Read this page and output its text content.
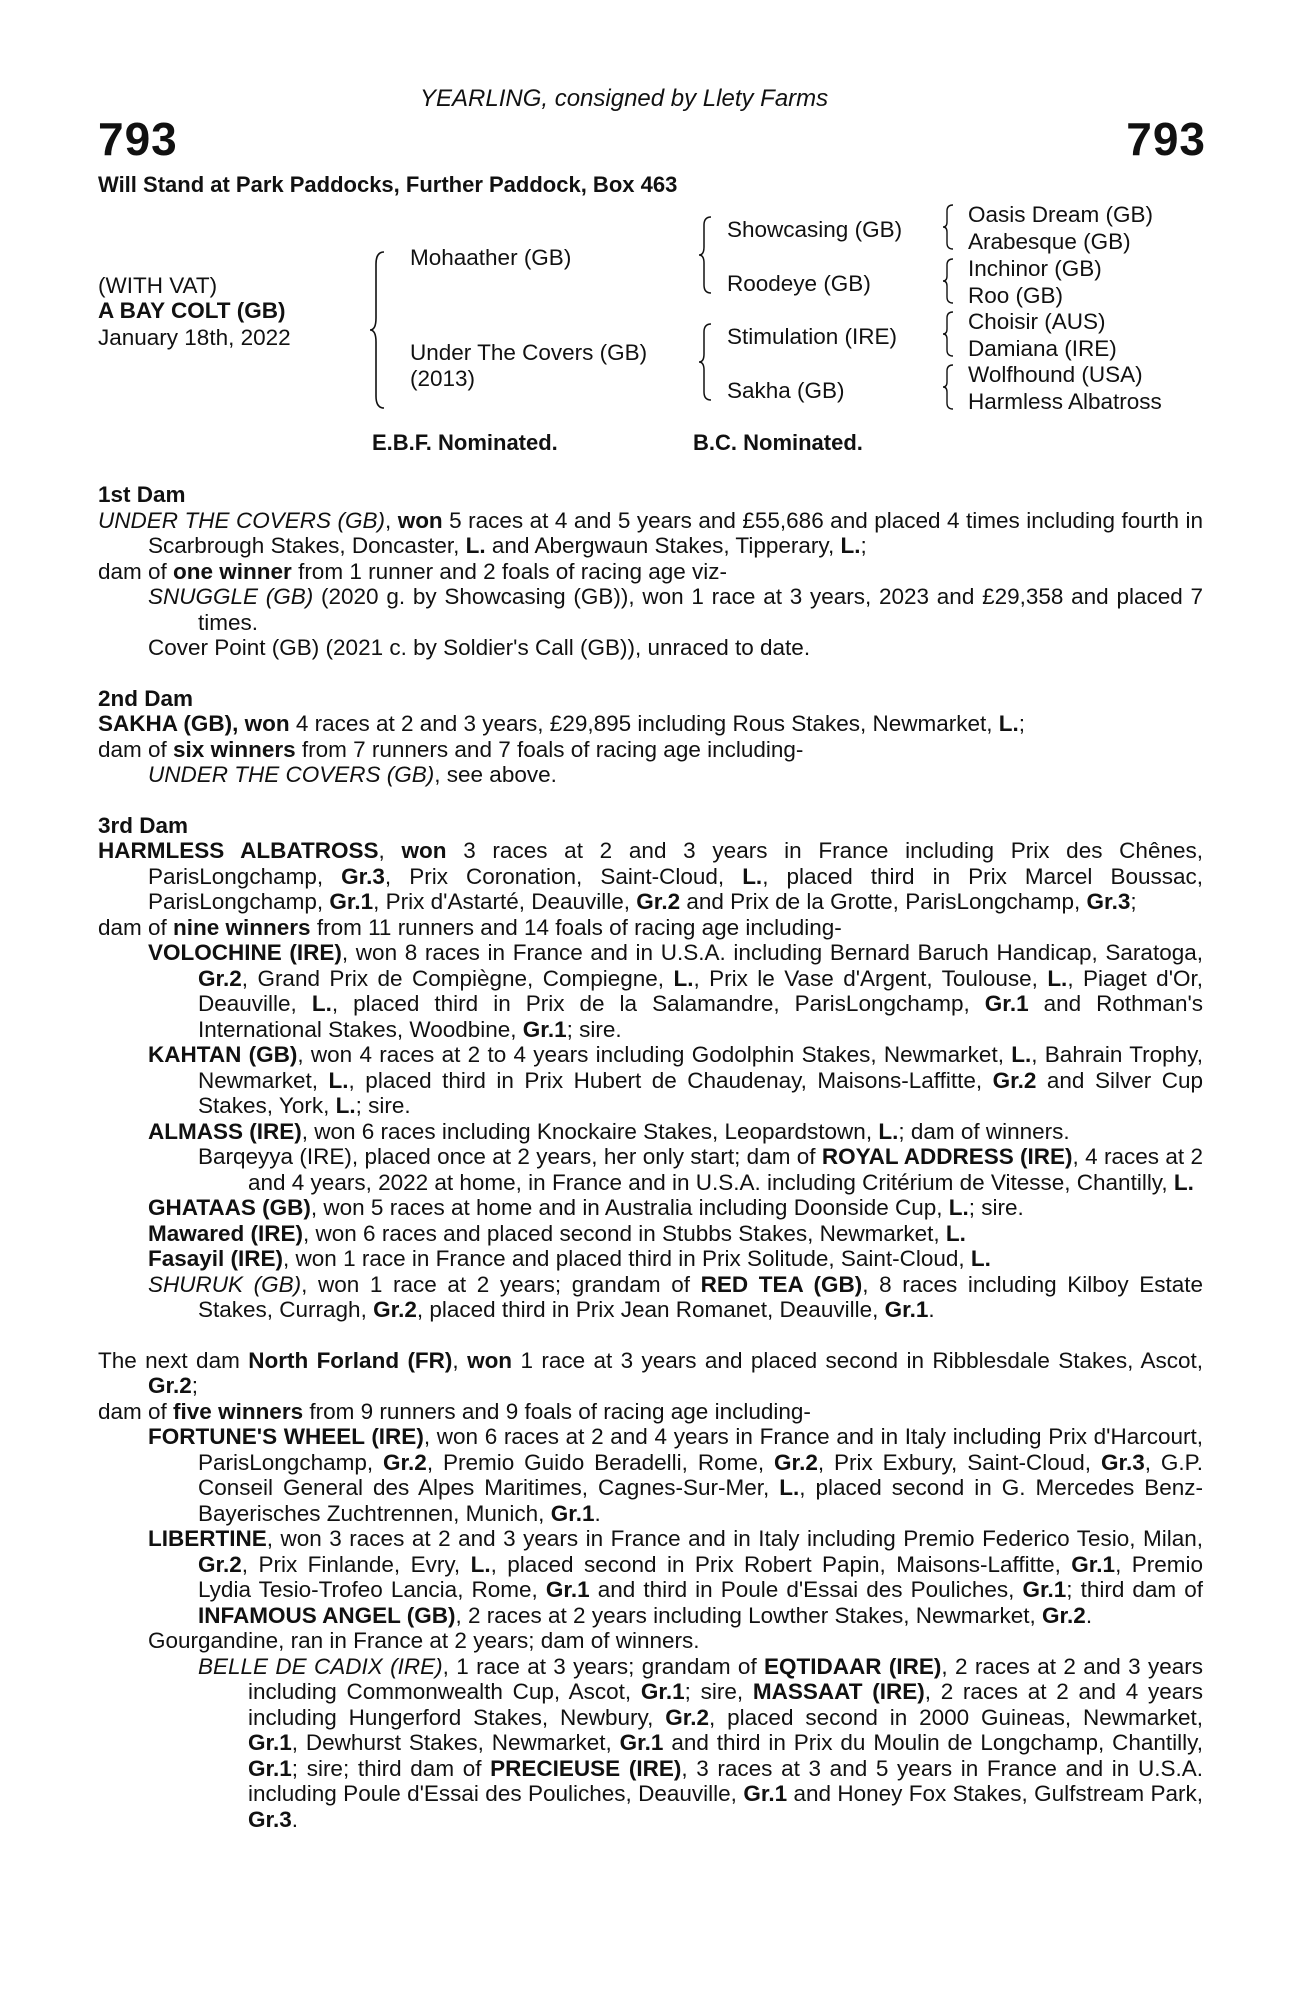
YEARLING, consigned by Llety Farms
793	793
Will Stand at Park Paddocks, Further Paddock, Box 463
(WITH VAT)
A BAY COLT (GB)
January 18th, 2022
Mohaather (GB)
Under The Covers (GB)
(2013)
Showcasing (GB)
Roodeye (GB)
Stimulation (IRE)
Sakha (GB)
Oasis Dream (GB)
Arabesque (GB)
Inchinor (GB)
Roo (GB)
Choisir (AUS)
Damiana (IRE)
Wolfhound (USA)
Harmless Albatross
E.B.F. Nominated.	B.C. Nominated.
1st Dam

UNDER THE COVERS (GB), won 5 races at 4 and 5 years and £55,686 and placed 4 times including fourth in Scarbrough Stakes, Doncaster, L. and Abergwaun Stakes, Tipperary, L.;

dam of one winner from 1 runner and 2 foals of racing age viz-

SNUGGLE (GB) (2020 g. by Showcasing (GB)), won 1 race at 3 years, 2023 and £29,358 and placed 7 times.

Cover Point (GB) (2021 c. by Soldier's Call (GB)), unraced to date.

2nd Dam

SAKHA (GB), won 4 races at 2 and 3 years, £29,895 including Rous Stakes, Newmarket, L.;

dam of six winners from 7 runners and 7 foals of racing age including-

UNDER THE COVERS (GB), see above.

3rd Dam

HARMLESS ALBATROSS, won 3 races at 2 and 3 years in France including Prix des Chênes, ParisLongchamp, Gr.3, Prix Coronation, Saint-Cloud, L., placed third in Prix Marcel Boussac, ParisLongchamp, Gr.1, Prix d'Astarté, Deauville, Gr.2 and Prix de la Grotte, ParisLongchamp, Gr.3;

dam of nine winners from 11 runners and 14 foals of racing age including-

VOLOCHINE (IRE), won 8 races in France and in U.S.A. including Bernard Baruch Handicap, Saratoga, Gr.2, Grand Prix de Compiègne, Compiegne, L., Prix le Vase d'Argent, Toulouse, L., Piaget d'Or, Deauville, L., placed third in Prix de la Salamandre, ParisLongchamp, Gr.1 and Rothman's International Stakes, Woodbine, Gr.1; sire.

KAHTAN (GB), won 4 races at 2 to 4 years including Godolphin Stakes, Newmarket, L., Bahrain Trophy, Newmarket, L., placed third in Prix Hubert de Chaudenay, Maisons-Laffitte, Gr.2 and Silver Cup Stakes, York, L.; sire.

ALMASS (IRE), won 6 races including Knockaire Stakes, Leopardstown, L.; dam of winners.

Barqeyya (IRE), placed once at 2 years, her only start; dam of ROYAL ADDRESS (IRE), 4 races at 2 and 4 years, 2022 at home, in France and in U.S.A. including Critérium de Vitesse, Chantilly, L.

GHATAAS (GB), won 5 races at home and in Australia including Doonside Cup, L.; sire.

Mawared (IRE), won 6 races and placed second in Stubbs Stakes, Newmarket, L.

Fasayil (IRE), won 1 race in France and placed third in Prix Solitude, Saint-Cloud, L.

SHURUK (GB), won 1 race at 2 years; grandam of RED TEA (GB), 8 races including Kilboy Estate Stakes, Curragh, Gr.2, placed third in Prix Jean Romanet, Deauville, Gr.1.

The next dam North Forland (FR), won 1 race at 3 years and placed second in Ribblesdale Stakes, Ascot, Gr.2;

dam of five winners from 9 runners and 9 foals of racing age including-

FORTUNE'S WHEEL (IRE), won 6 races at 2 and 4 years in France and in Italy including Prix d'Harcourt, ParisLongchamp, Gr.2, Premio Guido Beradelli, Rome, Gr.2, Prix Exbury, Saint-Cloud, Gr.3, G.P. Conseil General des Alpes Maritimes, Cagnes-Sur-Mer, L., placed second in G. Mercedes Benz-Bayerisches Zuchtrennen, Munich, Gr.1.

LIBERTINE, won 3 races at 2 and 3 years in France and in Italy including Premio Federico Tesio, Milan, Gr.2, Prix Finlande, Evry, L., placed second in Prix Robert Papin, Maisons-Laffitte, Gr.1, Premio Lydia Tesio-Trofeo Lancia, Rome, Gr.1 and third in Poule d'Essai des Pouliches, Gr.1; third dam of INFAMOUS ANGEL (GB), 2 races at 2 years including Lowther Stakes, Newmarket, Gr.2.

Gourgandine, ran in France at 2 years; dam of winners.

BELLE DE CADIX (IRE), 1 race at 3 years; grandam of EQTIDAAR (IRE), 2 races at 2 and 3 years including Commonwealth Cup, Ascot, Gr.1; sire, MASSAAT (IRE), 2 races at 2 and 4 years including Hungerford Stakes, Newbury, Gr.2, placed second in 2000 Guineas, Newmarket, Gr.1, Dewhurst Stakes, Newmarket, Gr.1 and third in Prix du Moulin de Longchamp, Chantilly, Gr.1; sire; third dam of PRECIEUSE (IRE), 3 races at 3 and 5 years in France and in U.S.A. including Poule d'Essai des Pouliches, Deauville, Gr.1 and Honey Fox Stakes, Gulfstream Park, Gr.3.
